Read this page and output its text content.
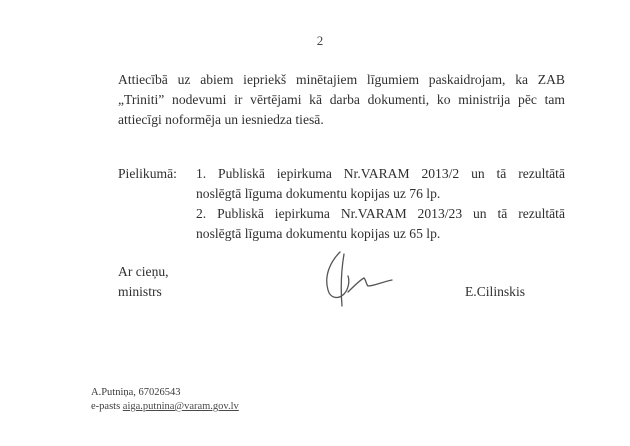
2
Attiecībā uz abiem iepriekš minētajiem līgumiem paskaidrojam, ka ZAB
„Triniti” nodevumi ir vērtējami kā darba dokumenti, ko ministrija pēc tam
attiecīgi noformēja un iesniedza tiesā.
Pielikumā: 1. Publiskā iepirkuma Nr.VARAM 2013/2 un tā rezultātā
noslēgtā līguma dokumentu kopijas uz 76 lp.
2. Publiskā iepirkuma Nr.VARAM 2013/23 un tā rezultātā
noslēgtā līguma dokumentu kopijas uz 65 lp.
Ar cieņu,
ministrs	E.Cilinskis
A.Putniņa, 67026543
e-pasts aiga.putnina@varam.gov.lv
